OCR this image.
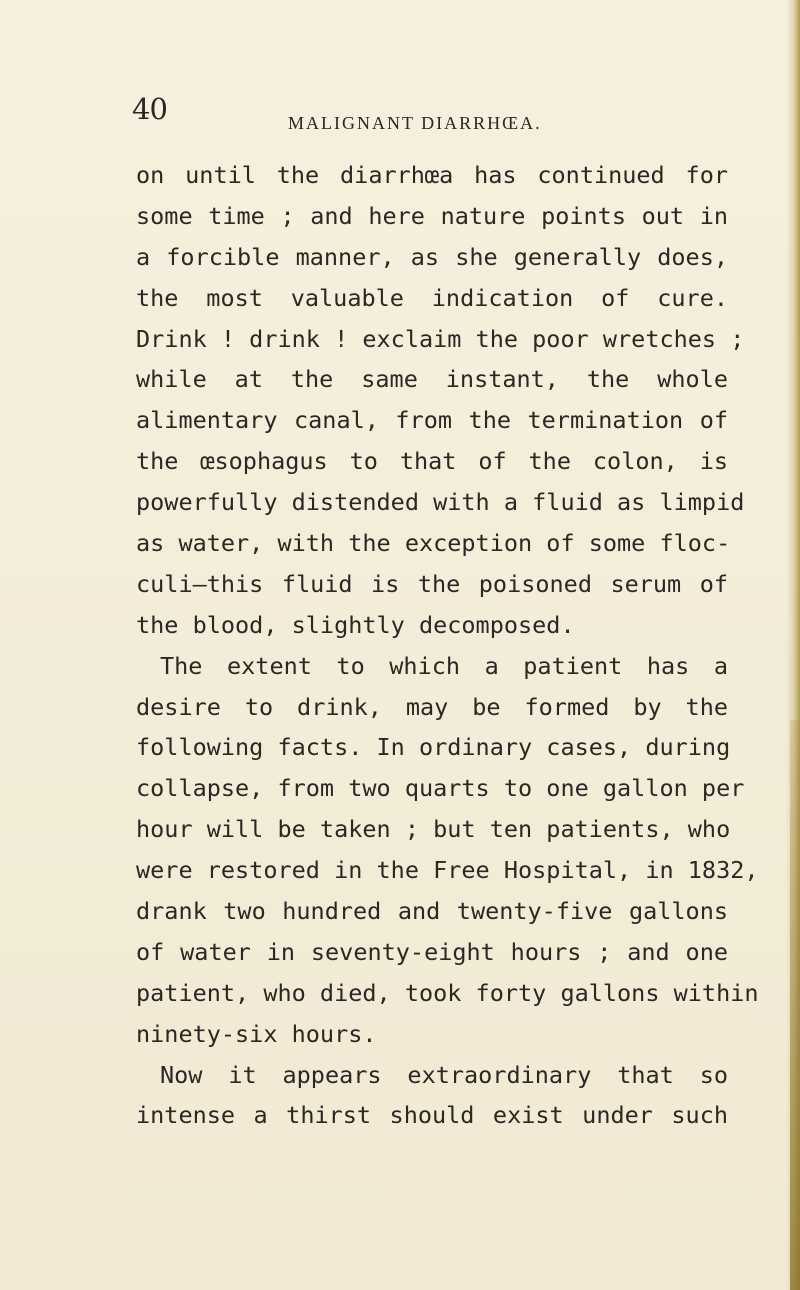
40	MALIGNANT DIARRHŒA.
on until the diarrhœa has continued for
some time ; and here nature points out in
a forcible manner, as she generally does,
the most valuable indication of cure.
Drink ! drink ! exclaim the poor wretches ;
while at the same instant, the whole
alimentary canal, from the termination of
the œsophagus to that of the colon, is
powerfully distended with a fluid as limpid
as water, with the exception of some floc-
culi—this fluid is the poisoned serum of
the blood, slightly decomposed.
The extent to which a patient has a
desire to drink, may be formed by the
following facts. In ordinary cases, during
collapse, from two quarts to one gallon per
hour will be taken ; but ten patients, who
were restored in the Free Hospital, in 1832,
drank two hundred and twenty-five gallons
of water in seventy-eight hours ; and one
patient, who died, took forty gallons within
ninety-six hours.
Now it appears extraordinary that so
intense a thirst should exist under such
